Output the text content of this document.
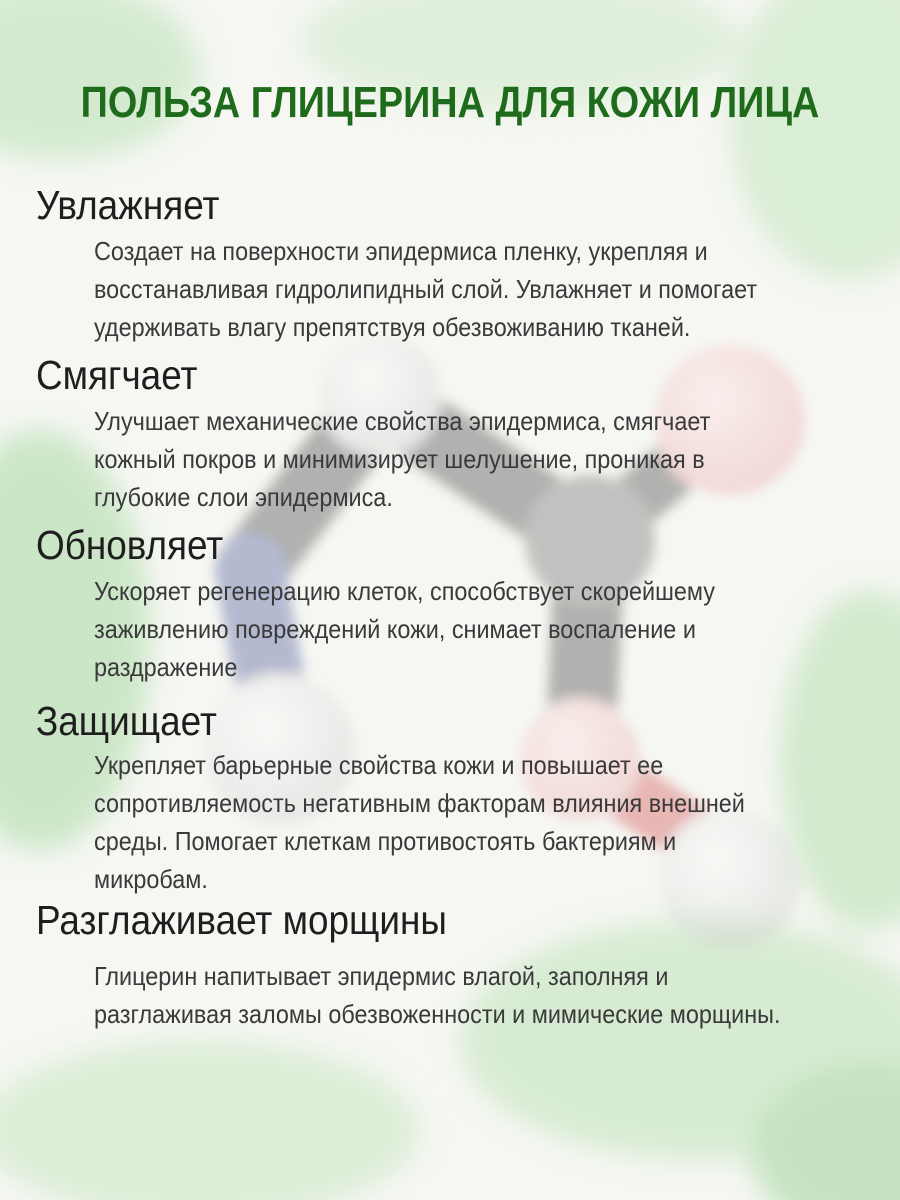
ПОЛЬЗА ГЛИЦЕРИНА ДЛЯ КОЖИ ЛИЦА
Увлажняет
Создает на поверхности эпидермиса пленку, укрепляя и
восстанавливая гидролипидный слой. Увлажняет и помогает
удерживать влагу препятствуя обезвоживанию тканей.
Смягчает
Улучшает механические свойства эпидермиса, смягчает
кожный покров и минимизирует шелушение, проникая в
глубокие слои эпидермиса.
Обновляет
Ускоряет регенерацию клеток, способствует скорейшему
заживлению повреждений кожи, снимает воспаление и
раздражение
Защищает
Укрепляет барьерные свойства кожи и повышает ее
сопротивляемость негативным факторам влияния внешней
среды. Помогает клеткам противостоять бактериям и
микробам.
Разглаживает морщины
Глицерин напитывает эпидермис влагой, заполняя и
разглаживая заломы обезвоженности и мимические морщины.
